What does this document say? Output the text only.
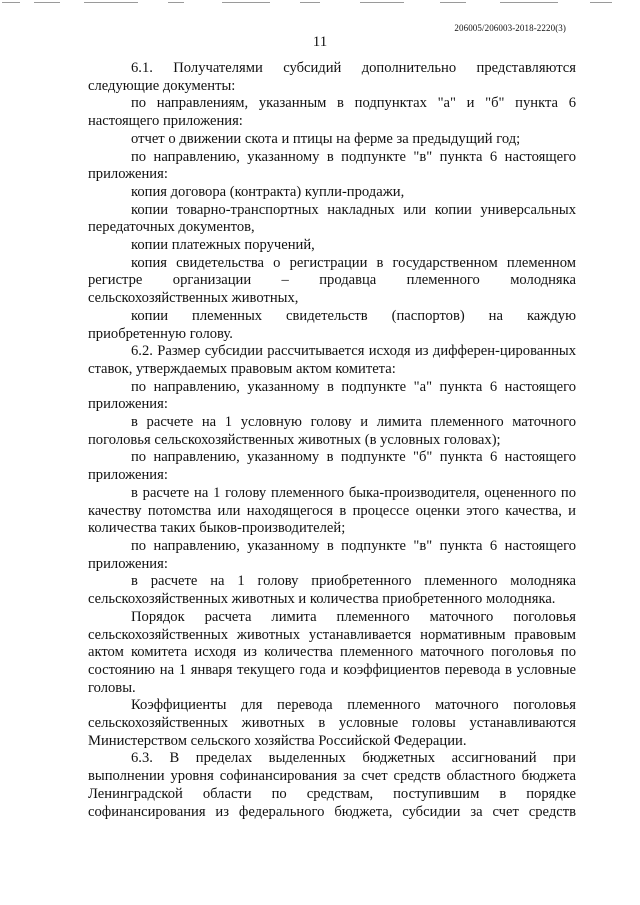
206005/206003-2018-2220(3)
11

6.1. Получателями субсидий дополнительно представляются следующие документы:

по направлениям, указанным в подпунктах "а" и "б" пункта 6 настоящего приложения:

отчет о движении скота и птицы на ферме за предыдущий год;

по направлению, указанному в подпункте "в" пункта 6 настоящего приложения:

копия договора (контракта) купли-продажи,

копии товарно-транспортных накладных или копии универсальных передаточных документов,

копии платежных поручений,

копия свидетельства о регистрации в государственном племенном регистре организации – продавца племенного молодняка сельскохозяйственных животных,

копии племенных свидетельств (паспортов) на каждую приобретенную голову.

6.2. Размер субсидии рассчитывается исходя из дифферен-цированных ставок, утверждаемых правовым актом комитета:

по направлению, указанному в подпункте "а" пункта 6 настоящего приложения:

в расчете на 1 условную голову и лимита племенного маточного поголовья сельскохозяйственных животных (в условных головах);

по направлению, указанному в подпункте "б" пункта 6 настоящего приложения:

в расчете на 1 голову племенного быка-производителя, оцененного по качеству потомства или находящегося в процессе оценки этого качества, и количества таких быков-производителей;

по направлению, указанному в подпункте "в" пункта 6 настоящего приложения:

в расчете на 1 голову приобретенного племенного молодняка сельскохозяйственных животных и количества приобретенного молодняка.

Порядок расчета лимита племенного маточного поголовья сельскохозяйственных животных устанавливается нормативным правовым актом комитета исходя из количества племенного маточного поголовья по состоянию на 1 января текущего года и коэффициентов перевода в условные головы.

Коэффициенты для перевода племенного маточного поголовья сельскохозяйственных животных в условные головы устанавливаются Министерством сельского хозяйства Российской Федерации.

6.3. В пределах выделенных бюджетных ассигнований при выполнении уровня софинансирования за счет средств областного бюджета Ленинградской области по средствам, поступившим в порядке софинансирования из федерального бюджета, субсидии за счет средств
